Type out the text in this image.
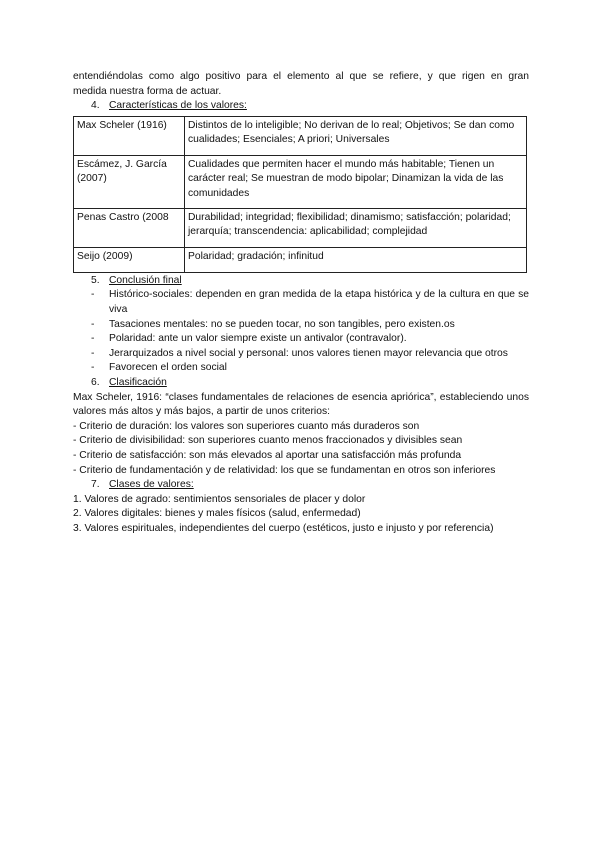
entendiéndolas como algo positivo para el elemento al que se refiere, y que rigen en gran

medida nuestra forma de actuar.

4. Características de los valores:
Max Scheler (1916)	Distintos de lo inteligible; No derivan de lo real; Objetivos; Se dan como cualidades; Esenciales; A priori; Universales
Escámez, J. García (2007)	Cualidades que permiten hacer el mundo más habitable; Tienen un carácter real; Se muestran de modo bipolar; Dinamizan la vida de las comunidades
Penas Castro (2008	Durabilidad; integridad; flexibilidad; dinamismo; satisfacción; polaridad; jerarquía; transcendencia: aplicabilidad; complejidad
Seijo (2009)	Polaridad; gradación; infinitud
5. Conclusión final
-	Histórico-sociales: dependen en gran medida de la etapa histórica y de la cultura en que se viva
-	Tasaciones mentales: no se pueden tocar, no son tangibles, pero existen.os
-	Polaridad: ante un valor siempre existe un antivalor (contravalor).
-	Jerarquizados a nivel social y personal: unos valores tienen mayor relevancia que otros
-	Favorecen el orden social
6. Clasificación

Max Scheler, 1916: “clases fundamentales de relaciones de esencia apriórica”, estableciendo unos valores más altos y más bajos, a partir de unos criterios:

- Criterio de duración: los valores son superiores cuanto más duraderos son

- Criterio de divisibilidad: son superiores cuanto menos fraccionados y divisibles sean

- Criterio de satisfacción: son más elevados al aportar una satisfacción más profunda

- Criterio de fundamentación y de relatividad: los que se fundamentan en otros son inferiores

7. Clases de valores:

1. Valores de agrado: sentimientos sensoriales de placer y dolor

2. Valores digitales: bienes y males físicos (salud, enfermedad)

3. Valores espirituales, independientes del cuerpo (estéticos, justo e injusto y por referencia)
